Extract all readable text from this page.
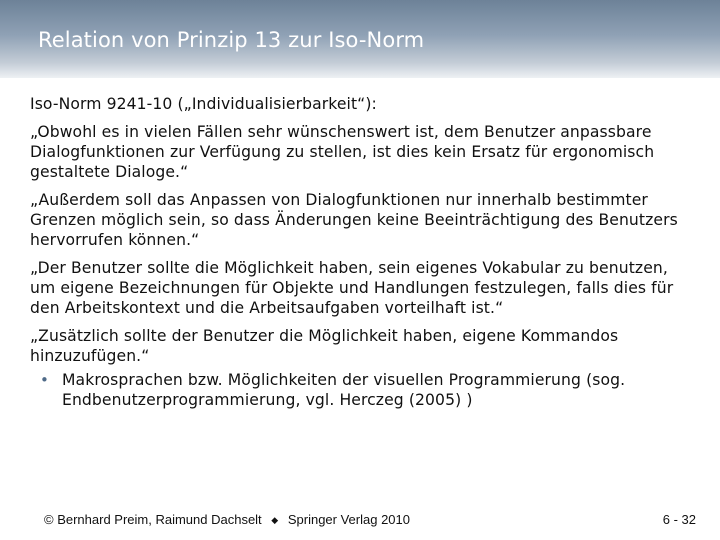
Relation von Prinzip 13 zur Iso-Norm

Iso-Norm 9241-10 („Individualisierbarkeit“):

„Obwohl es in vielen Fällen sehr wünschenswert ist, dem Benutzer anpassbare Dialogfunktionen zur Verfügung zu stellen, ist dies kein Ersatz für ergonomisch gestaltete Dialoge.“

„Außerdem soll das Anpassen von Dialogfunktionen nur innerhalb bestimmter Grenzen möglich sein, so dass Änderungen keine Beeinträchtigung des Benutzers hervorrufen können.“

„Der Benutzer sollte die Möglichkeit haben, sein eigenes Vokabular zu benutzen, um eigene Bezeichnungen für Objekte und Handlungen festzulegen, falls dies für den Arbeitskontext und die Arbeitsaufgaben vorteilhaft ist.“

„Zusätzlich sollte der Benutzer die Möglichkeit haben, eigene Kommandos hinzuzufügen.“

• Makrosprachen bzw. Möglichkeiten der visuellen Programmierung (sog. Endbenutzerprogrammierung, vgl. Herczeg (2005) )
© Bernhard Preim, Raimund Dachselt ◆ Springer Verlag 2010	6 - 32
